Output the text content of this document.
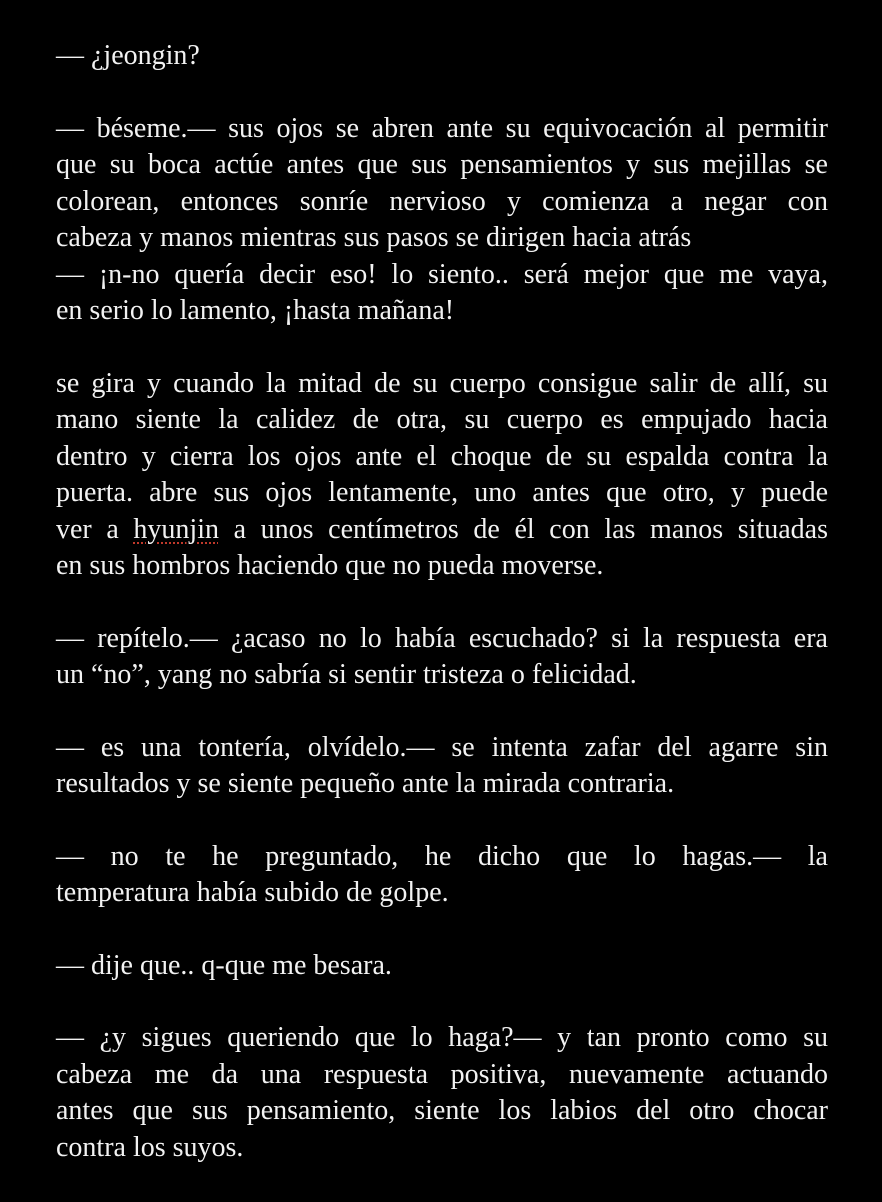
— ¿jeongin?
— béseme.— sus ojos se abren ante su equivocación al permitir
que su boca actúe antes que sus pensamientos y sus mejillas se
colorean, entonces sonríe nervioso y comienza a negar con
cabeza y manos mientras sus pasos se dirigen hacia atrás
— ¡n-no quería decir eso! lo siento.. será mejor que me vaya,
en serio lo lamento, ¡hasta mañana!
se gira y cuando la mitad de su cuerpo consigue salir de allí, su
mano siente la calidez de otra, su cuerpo es empujado hacia
dentro y cierra los ojos ante el choque de su espalda contra la
puerta. abre sus ojos lentamente, uno antes que otro, y puede
ver a hyunjin a unos centímetros de él con las manos situadas
en sus hombros haciendo que no pueda moverse.
— repítelo.— ¿acaso no lo había escuchado? si la respuesta era
un “no”, yang no sabría si sentir tristeza o felicidad.
— es una tontería, olvídelo.— se intenta zafar del agarre sin
resultados y se siente pequeño ante la mirada contraria.
— no te he preguntado, he dicho que lo hagas.— la
temperatura había subido de golpe.
— dije que.. q-que me besara.
— ¿y sigues queriendo que lo haga?— y tan pronto como su
cabeza me da una respuesta positiva, nuevamente actuando
antes que sus pensamiento, siente los labios del otro chocar
contra los suyos.
